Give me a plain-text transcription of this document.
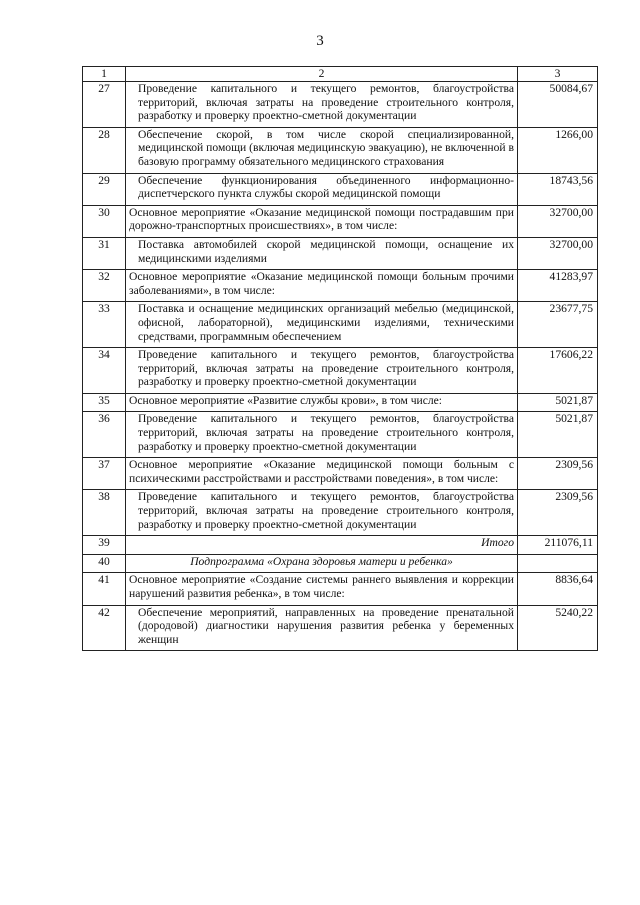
3
1	2	3
27	Проведение капитального и текущего ремонтов, благоустройства территорий, включая затраты на проведение строительного контроля, разработку и проверку проектно-сметной документации	50084,67
28	Обеспечение скорой, в том числе скорой специализированной, медицинской помощи (включая медицинскую эвакуацию), не включенной в базовую программу обязательного медицинского страхования	1266,00
29	Обеспечение функционирования объединенного информационно-диспетчерского пункта службы скорой медицинской помощи	18743,56
30	Основное мероприятие «Оказание медицинской помощи пострадавшим при дорожно-транспортных происшествиях», в том числе:	32700,00
31	Поставка автомобилей скорой медицинской помощи, оснащение их медицинскими изделиями	32700,00
32	Основное мероприятие «Оказание медицинской помощи больным прочими заболеваниями», в том числе:	41283,97
33	Поставка и оснащение медицинских организаций мебелью (медицинской, офисной, лабораторной), медицинскими изделиями, техническими средствами, программным обеспечением	23677,75
34	Проведение капитального и текущего ремонтов, благоустройства территорий, включая затраты на проведение строительного контроля, разработку и проверку проектно-сметной документации	17606,22
35	Основное мероприятие «Развитие службы крови», в том числе:	5021,87
36	Проведение капитального и текущего ремонтов, благоустройства территорий, включая затраты на проведение строительного контроля, разработку и проверку проектно-сметной документации	5021,87
37	Основное мероприятие «Оказание медицинской помощи больным с психическими расстройствами и расстройствами поведения», в том числе:	2309,56
38	Проведение капитального и текущего ремонтов, благоустройства территорий, включая затраты на проведение строительного контроля, разработку и проверку проектно-сметной документации	2309,56
39	Итого	211076,11
40	Подпрограмма «Охрана здоровья матери и ребенка»	
41	Основное мероприятие «Создание системы раннего выявления и коррекции нарушений развития ребенка», в том числе:	8836,64
42	Обеспечение мероприятий, направленных на проведение пренатальной (дородовой) диагностики нарушения развития ребенка у беременных женщин	5240,22
